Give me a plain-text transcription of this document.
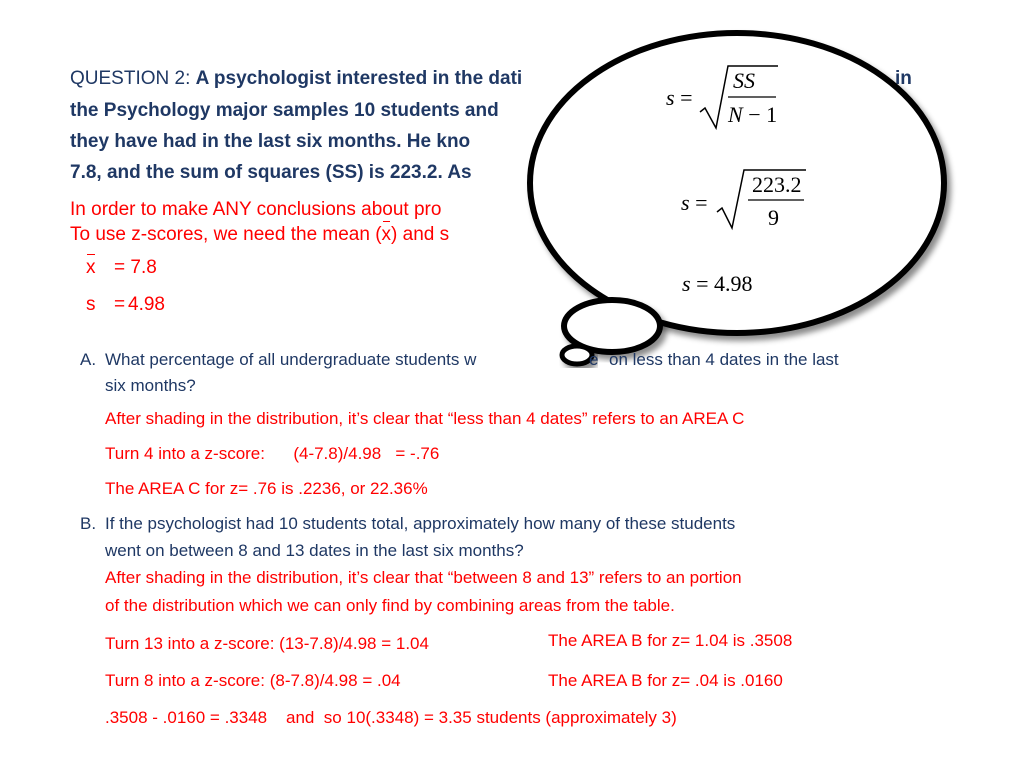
QUESTION 2: A psychologist interested in the dati	in
the Psychology major samples 10 students and
they have had in the last six months. He kno
7.8, and the sum of squares (SS) is 223.2. As
In order to make ANY conclusions about pro
To use z-scores, we need the mean (x) and s
x = 7.8
s = 4.98
s =
SS
N − 1
s =
223.2
9
s = 4.98
A. What percentage of all undergraduate students w	e on less than 4 dates in the last
six months?
After shading in the distribution, it’s clear that “less than 4 dates” refers to an AREA C
Turn 4 into a z-score:      (4-7.8)/4.98   = -.76
The AREA C for z= .76 is .2236, or 22.36%
B. If the psychologist had 10 students total, approximately how many of these students
went on between 8 and 13 dates in the last six months?
After shading in the distribution, it’s clear that “between 8 and 13” refers to an portion
of the distribution which we can only find by combining areas from the table.
Turn 13 into a z-score: (13-7.8)/4.98 = 1.04	The AREA B for z= 1.04 is .3508
Turn 8 into a z-score: (8-7.8)/4.98 = .04	The AREA B for z= .04 is .0160
.3508 - .0160 = .3348    and  so 10(.3348) = 3.35 students (approximately 3)
